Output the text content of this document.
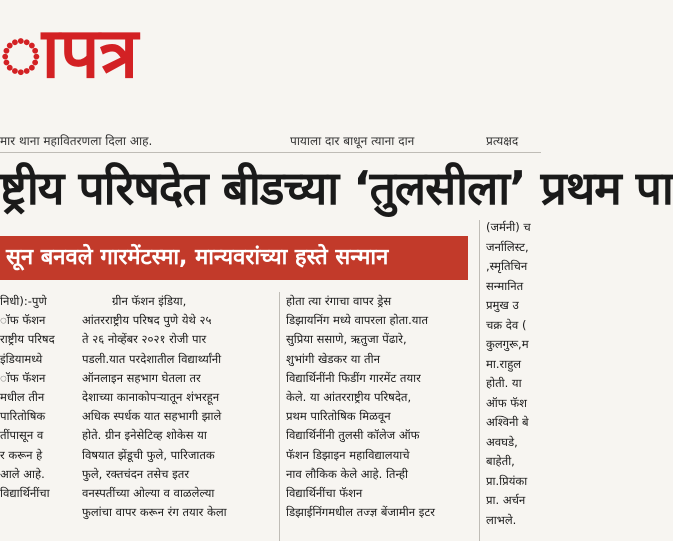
ापत्र
मार थाना महावितरणला दिला आह.	पायाला दार बाधून त्याना दान	प्रत्यक्षद
ष्ट्रीय परिषदेत बीडच्या ‘तुलसीला’ प्रथम पा
सून बनवले गारमेंटस्मा, मान्यवरांच्या हस्ते सन्मान

(जर्मनी) च

जर्नालिस्ट,

,स्मृतिचिन

सन्मानित

निधी):-पुणे

ॉफ फॅशन

राष्ट्रीय परिषद

इंडियामध्ये

ॉफ फॅशन

मधील तीन

पारितोषिक

तींपासून व

र करून हे

आले आहे.

विद्यार्थिनींचा

ग्रीन फॅशन इंडिया,

आंतरराष्ट्रीय परिषद पुणे येथे २५

ते २६ नोव्हेंबर २०२१ रोजी पार

पडली.यात परदेशातील विद्यार्थ्यांनी

ऑनलाइन सहभाग घेतला तर

देशाच्या कानाकोपऱ्यातून शंभरहून

अधिक स्पर्धक यात सहभागी झाले

होते. ग्रीन इनेसेटिव्ह शोकेस या

विषयात झेंडूची फुले, पारिजातक

फुले, रक्तचंदन तसेच इतर

वनस्पतींच्या ओल्या व वाळलेल्या

फुलांचा वापर करून रंग तयार केला

होता त्या रंगाचा वापर ड्रेस

डिझायनिंग मध्ये वापरला होता.यात

सुप्रिया ससाणे, ऋतुजा पेंढारे,

शुभांगी खेडकर या तीन

विद्यार्थिनींनी फिडींग गारमेंट तयार

केले. या आंतरराष्ट्रीय परिषदेत,

प्रथम पारितोषिक मिळवून

विद्यार्थिनींनी तुलसी कॉलेज ऑफ

फॅशन डिझाइन महाविद्यालयाचे

नाव लौकिक केले आहे. तिन्ही

विद्यार्थिनींचा फॅशन

डिझाईनिंगमधील तज्ज्ञ बेंजामीन इटर

प्रमुख उ

चक्र देव (

कुलगुरू,म

मा.राहुल

होती. या

ऑफ फॅश

अश्विनी बे

अवघडे,

बाहेती,

प्रा.प्रियंका

प्रा. अर्चन

लाभले.
